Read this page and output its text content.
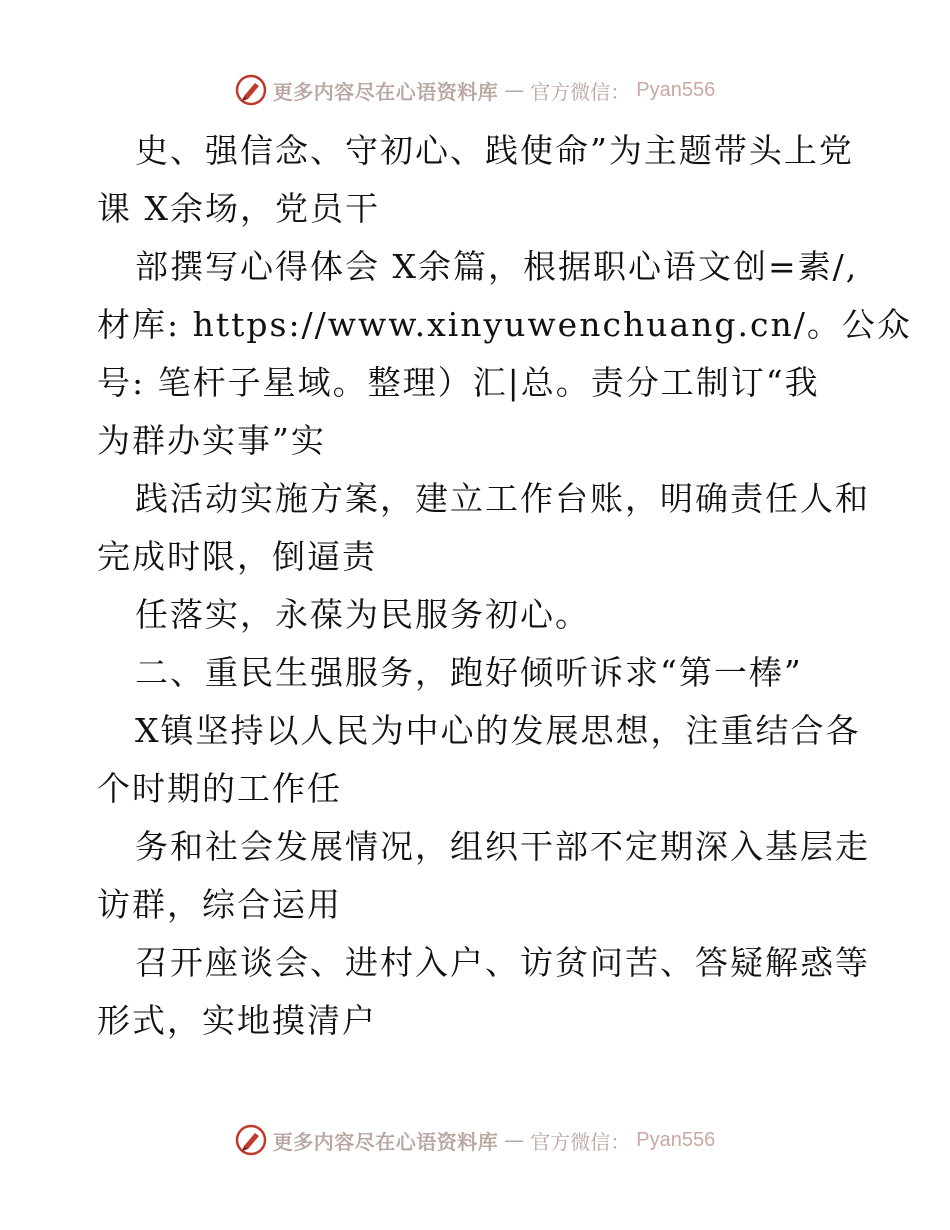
更多内容尽在心语资料库 — 官方微信： Pyan556
史、强信念、守初心、践使命”为主题带头上党
课 X余场，党员干
部撰写心得体会 X余篇，根据职心语文创=素/,
材库: https://www.xinyuwenchuang.cn/。公众
号: 笔杆子星域。整理）汇|总。责分工制订“我
为群办实事”实
践活动实施方案，建立工作台账，明确责任人和
完成时限，倒逼责
任落实，永葆为民服务初心。
二、重民生强服务，跑好倾听诉求“第一棒”
X镇坚持以人民为中心的发展思想，注重结合各
个时期的工作任
务和社会发展情况，组织干部不定期深入基层走
访群，综合运用
召开座谈会、进村入户、访贫问苦、答疑解惑等
形式，实地摸清户
更多内容尽在心语资料库 — 官方微信： Pyan556
